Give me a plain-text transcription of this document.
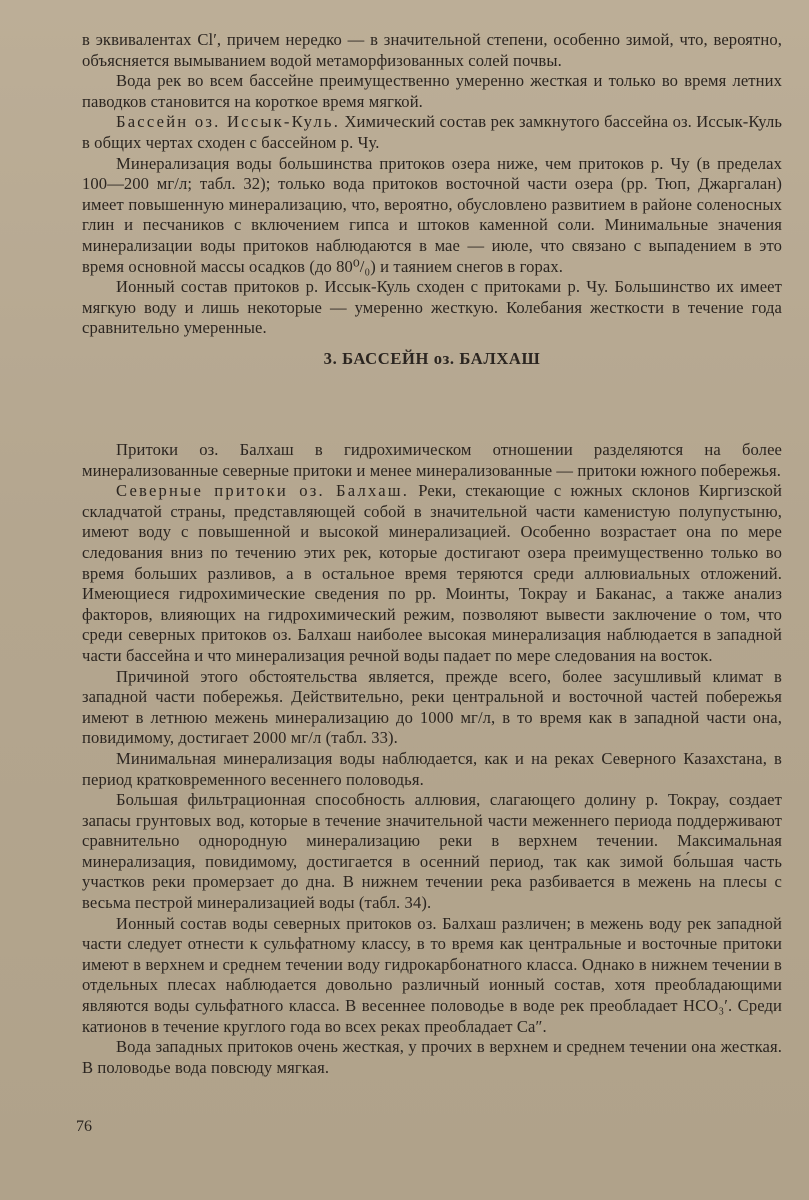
в эквивалентах Cl′, причем нередко — в значительной степени, особенно зимой, что, вероятно, объясняется вымыванием водой метаморфизованных солей почвы.

Вода рек во всем бассейне преимущественно умеренно жесткая и только во время летних паводков становится на короткое время мягкой.

Бассейн оз. Иссык-Куль. Химический состав рек замкнутого бассейна оз. Иссык-Куль в общих чертах сходен с бассейном р. Чу.

Минерализация воды большинства притоков озера ниже, чем притоков р. Чу (в пределах 100—200 мг/л; табл. 32); только вода притоков восточной части озера (рр. Тюп, Джаргалан) имеет повышенную минерализацию, что, вероятно, обусловлено развитием в районе соленосных глин и песчаников с включением гипса и штоков каменной соли. Минимальные значения минерализации воды притоков наблюдаются в мае — июле, что связано с выпадением в это время основной массы осадков (до 80⁰/₀) и таянием снегов в горах.

Ионный состав притоков р. Иссык-Куль сходен с притоками р. Чу. Большинство их имеет мягкую воду и лишь некоторые — умеренно жесткую. Колебания жесткости в течение года сравнительно умеренные.

3. БАССЕЙН оз. БАЛХАШ

Притоки оз. Балхаш в гидрохимическом отношении разделяются на более минерализованные северные притоки и менее минерализованные — притоки южного побережья.

Северные притоки оз. Балхаш. Реки, стекающие с южных склонов Киргизской складчатой страны, представляющей собой в значительной части каменистую полупустыню, имеют воду с повышенной и высокой минерализацией. Особенно возрастает она по мере следования вниз по течению этих рек, которые достигают озера преимущественно только во время больших разливов, а в остальное время теряются среди аллювиальных отложений. Имеющиеся гидрохимические сведения по рр. Моинты, Токрау и Баканас, а также анализ факторов, влияющих на гидрохимический режим, позволяют вывести заключение о том, что среди северных притоков оз. Балхаш наиболее высокая минерализация наблюдается в западной части бассейна и что минерализация речной воды падает по мере следования на восток.

Причиной этого обстоятельства является, прежде всего, более засушливый климат в западной части побережья. Действительно, реки центральной и восточной частей побережья имеют в летнюю межень минерализацию до 1000 мг/л, в то время как в западной части она, повидимому, достигает 2000 мг/л (табл. 33).

Минимальная минерализация воды наблюдается, как и на реках Северного Казахстана, в период кратковременного весеннего половодья.

Большая фильтрационная способность аллювия, слагающего долину р. Токрау, создает запасы грунтовых вод, которые в течение значительной части меженнего периода поддерживают сравнительно однородную минерализацию реки в верхнем течении. Максимальная минерализация, повидимому, достигается в осенний период, так как зимой бо́льшая часть участков реки промерзает до дна. В нижнем течении река разбивается в межень на плесы с весьма пестрой минерализацией воды (табл. 34).

Ионный состав воды северных притоков оз. Балхаш различен; в межень воду рек западной части следует отнести к сульфатному классу, в то время как центральные и восточные притоки имеют в верхнем и среднем течении воду гидрокарбонатного класса. Однако в нижнем течении в отдельных плесах наблюдается довольно различный ионный состав, хотя преобладающими являются воды сульфатного класса. В весеннее половодье в воде рек преобладает HCO₃′. Среди катионов в течение круглого года во всех реках преобладает Ca″.

Вода западных притоков очень жесткая, у прочих в верхнем и среднем течении она жесткая. В половодье вода повсюду мягкая.

76
